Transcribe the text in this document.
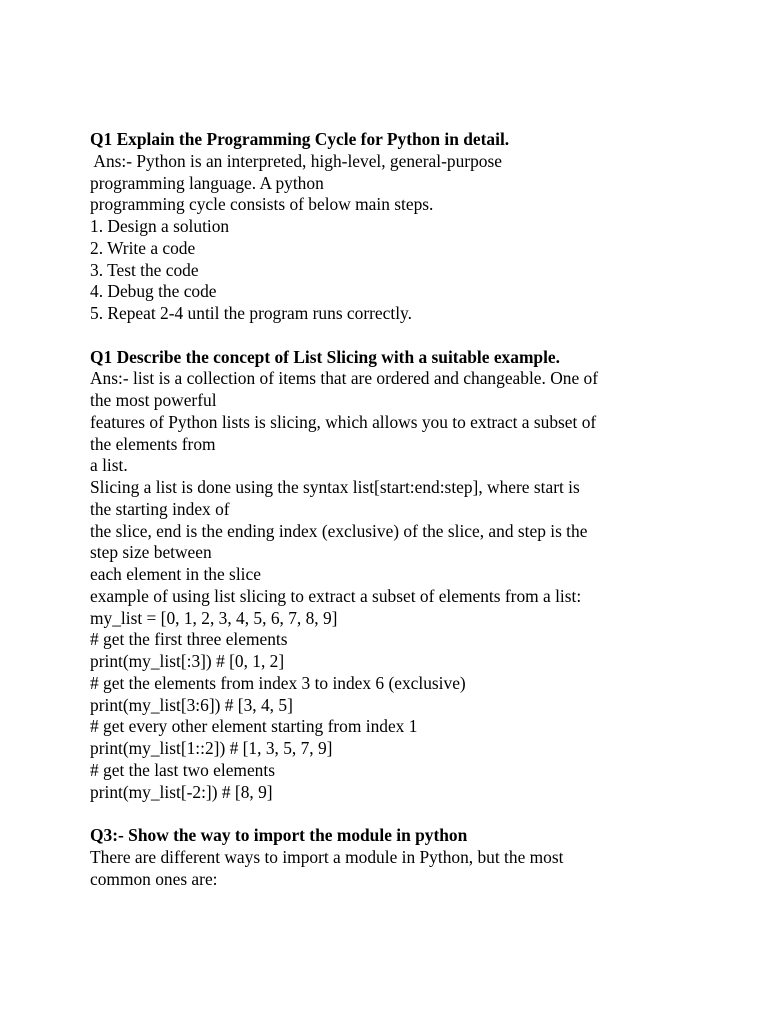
Q1 Explain the Programming Cycle for Python in detail.
Ans:- Python is an interpreted, high-level, general-purpose
programming language. A python
programming cycle consists of below main steps.
1. Design a solution
2. Write a code
3. Test the code
4. Debug the code
5. Repeat 2-4 until the program runs correctly.
Q1 Describe the concept of List Slicing with a suitable example.
Ans:- list is a collection of items that are ordered and changeable. One of
the most powerful
features of Python lists is slicing, which allows you to extract a subset of
the elements from
a list.
Slicing a list is done using the syntax list[start:end:step], where start is
the starting index of
the slice, end is the ending index (exclusive) of the slice, and step is the
step size between
each element in the slice
example of using list slicing to extract a subset of elements from a list:
my_list = [0, 1, 2, 3, 4, 5, 6, 7, 8, 9]
# get the first three elements
print(my_list[:3]) # [0, 1, 2]
# get the elements from index 3 to index 6 (exclusive)
print(my_list[3:6]) # [3, 4, 5]
# get every other element starting from index 1
print(my_list[1::2]) # [1, 3, 5, 7, 9]
# get the last two elements
print(my_list[-2:]) # [8, 9]
Q3:- Show the way to import the module in python
There are different ways to import a module in Python, but the most
common ones are:
